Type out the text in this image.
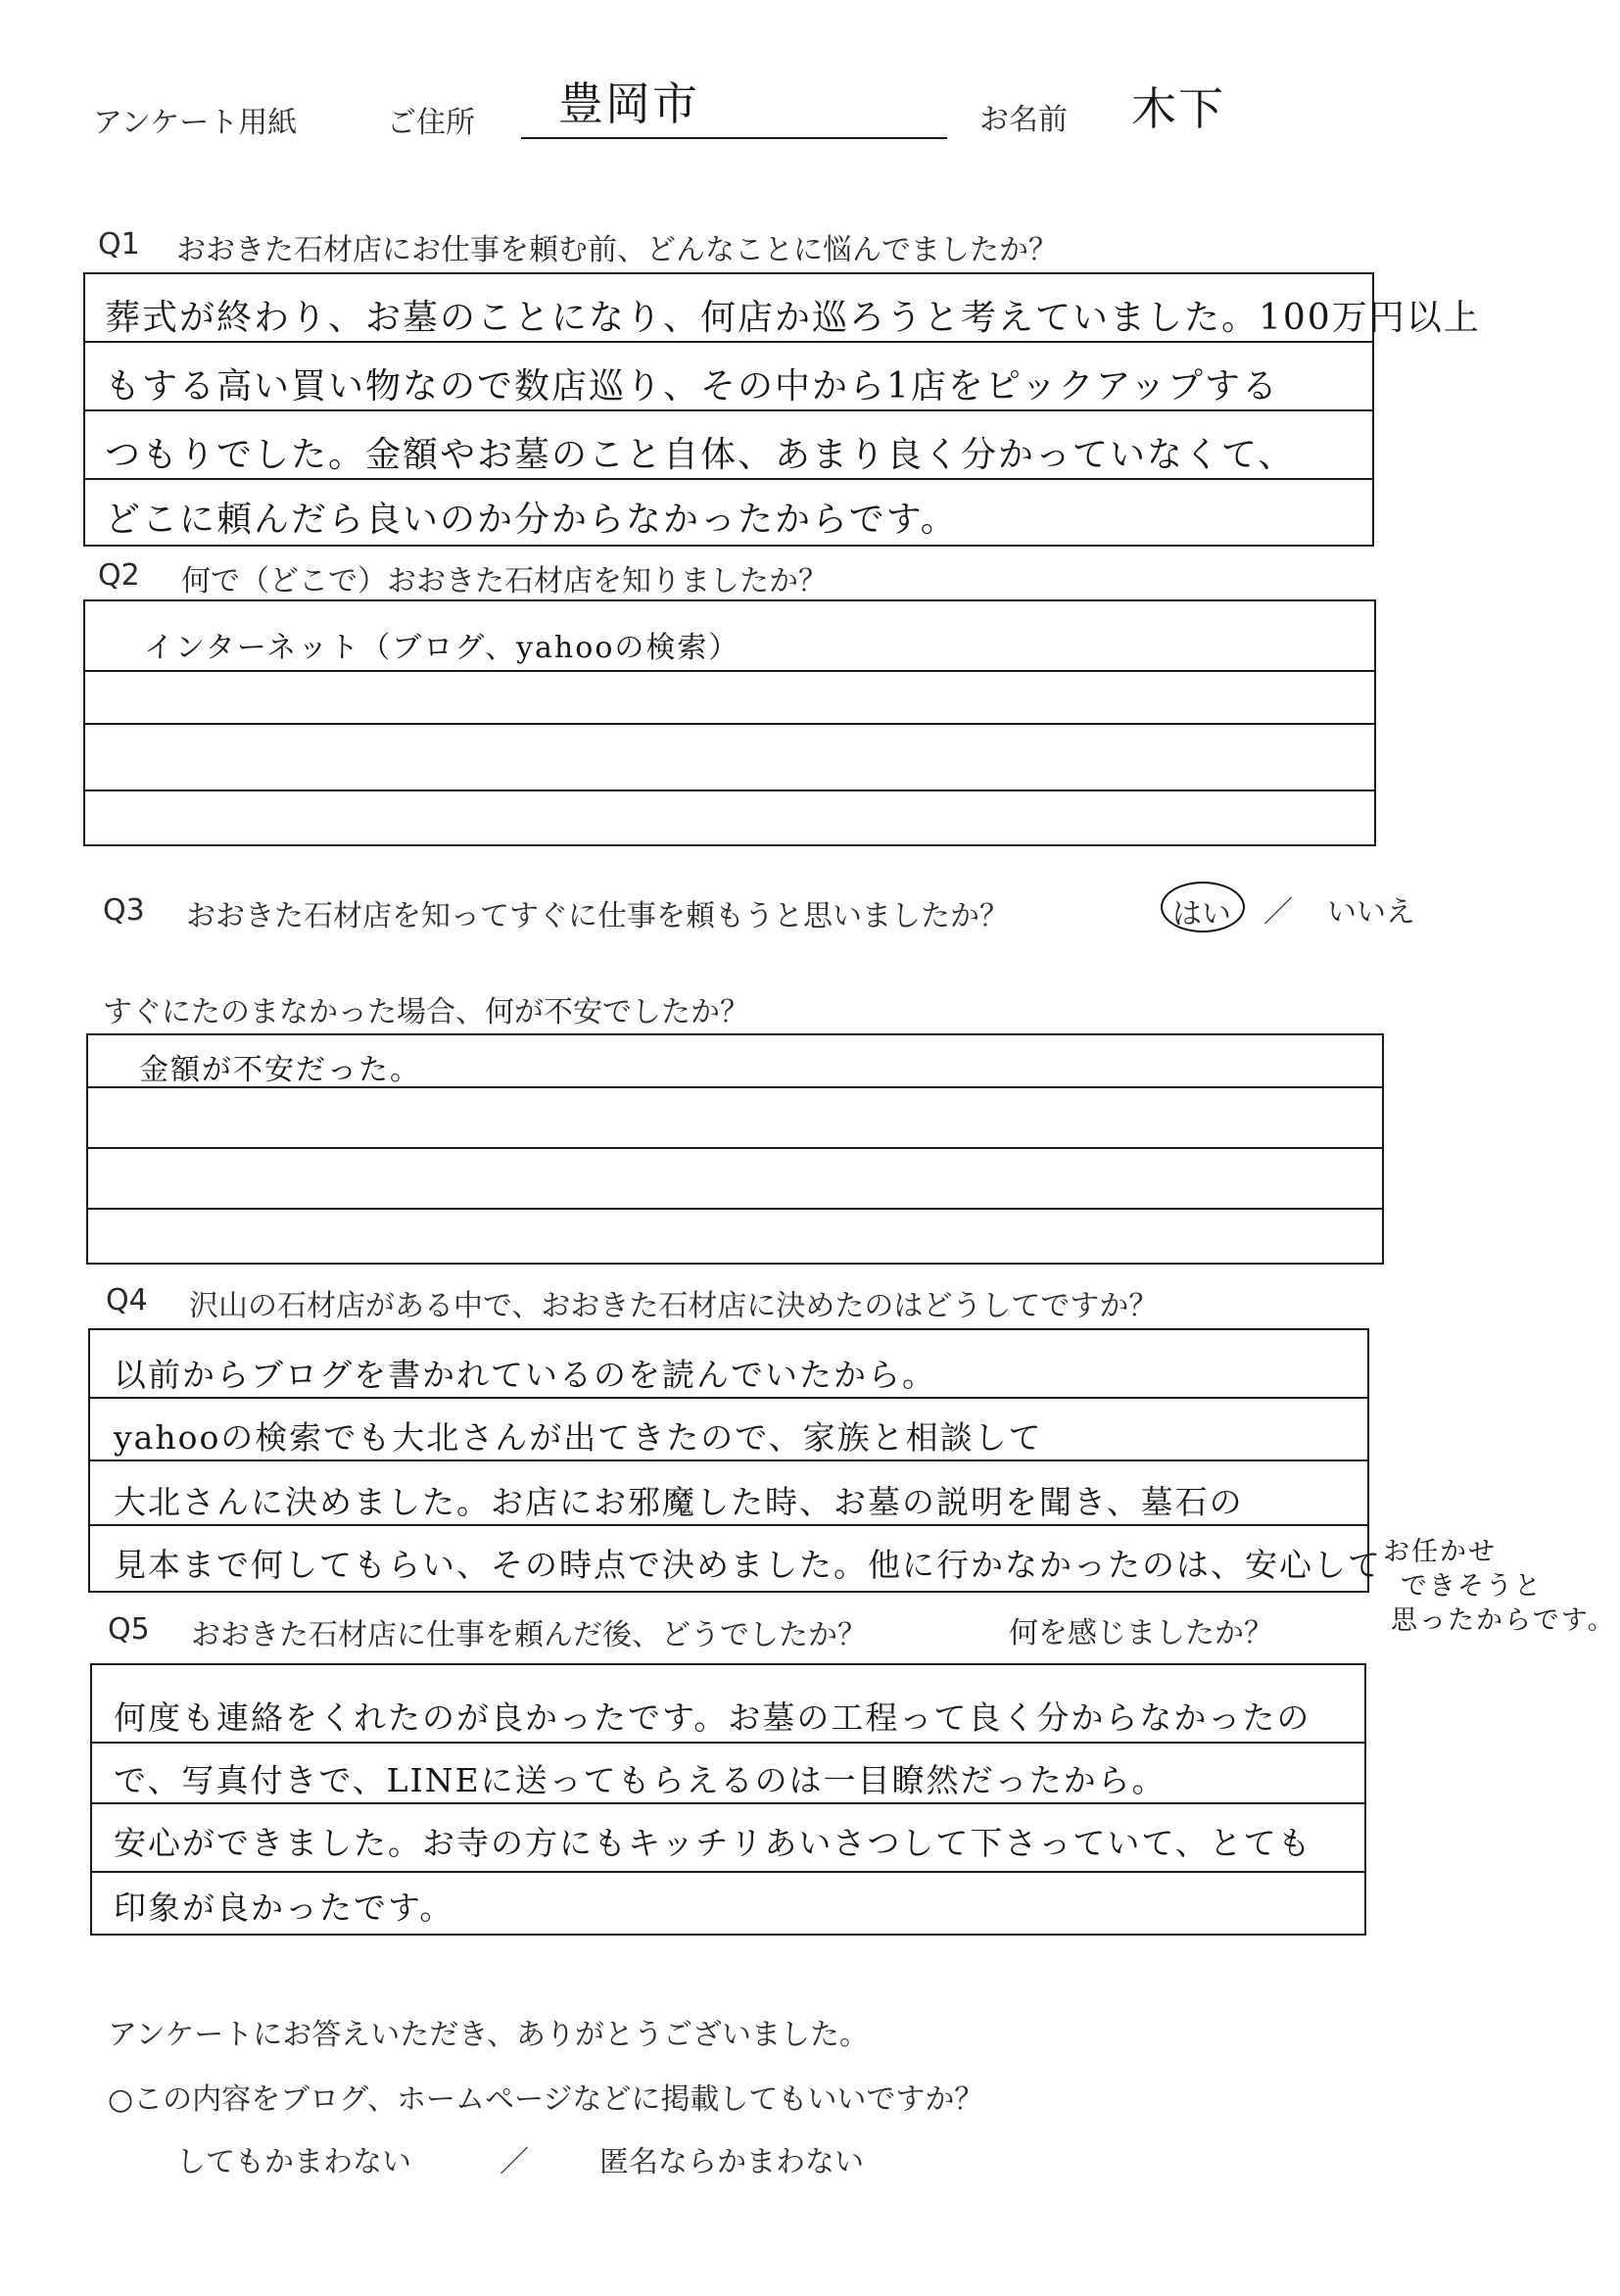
アンケート用紙	ご住所 豊岡市	お名前 木下
Q1 おおきた石材店にお仕事を頼む前、どんなことに悩んでましたか？
葬式が終わり、お墓のことになり、何店か巡ろうと考えていました。100万円以上
もする高い買い物なので数店巡り、その中から1店をピックアップする
つもりでした。金額やお墓のこと自体、あまり良く分かっていなくて、
どこに頼んだら良いのか分からなかったからです。
Q2 何で（どこで）おおきた石材店を知りましたか？
インターネット（ブログ、yahooの検索）
Q3 おおきた石材店を知ってすぐに仕事を頼もうと思いましたか？	はい ／ いいえ
すぐにたのまなかった場合、何が不安でしたか？
金額が不安だった。
Q4 沢山の石材店がある中で、おおきた石材店に決めたのはどうしてですか？
以前からブログを書かれているのを読んでいたから。
yahooの検索でも大北さんが出てきたので、家族と相談して
大北さんに決めました。お店にお邪魔した時、お墓の説明を聞き、墓石の
見本まで何してもらい、その時点で決めました。他に行かなかったのは、安心して お任かせ
できそうと
思ったからです。
Q5 おおきた石材店に仕事を頼んだ後、どうでしたか？	何を感じましたか？
何度も連絡をくれたのが良かったです。お墓の工程って良く分からなかったの
で、写真付きで、LINEに送ってもらえるのは一目瞭然だったから。
安心ができました。お寺の方にもキッチリあいさつして下さっていて、とても
印象が良かったです。
アンケートにお答えいただき、ありがとうございました。
○この内容をブログ、ホームページなどに掲載してもいいですか？
してもかまわない	／ 匿名ならかまわない
